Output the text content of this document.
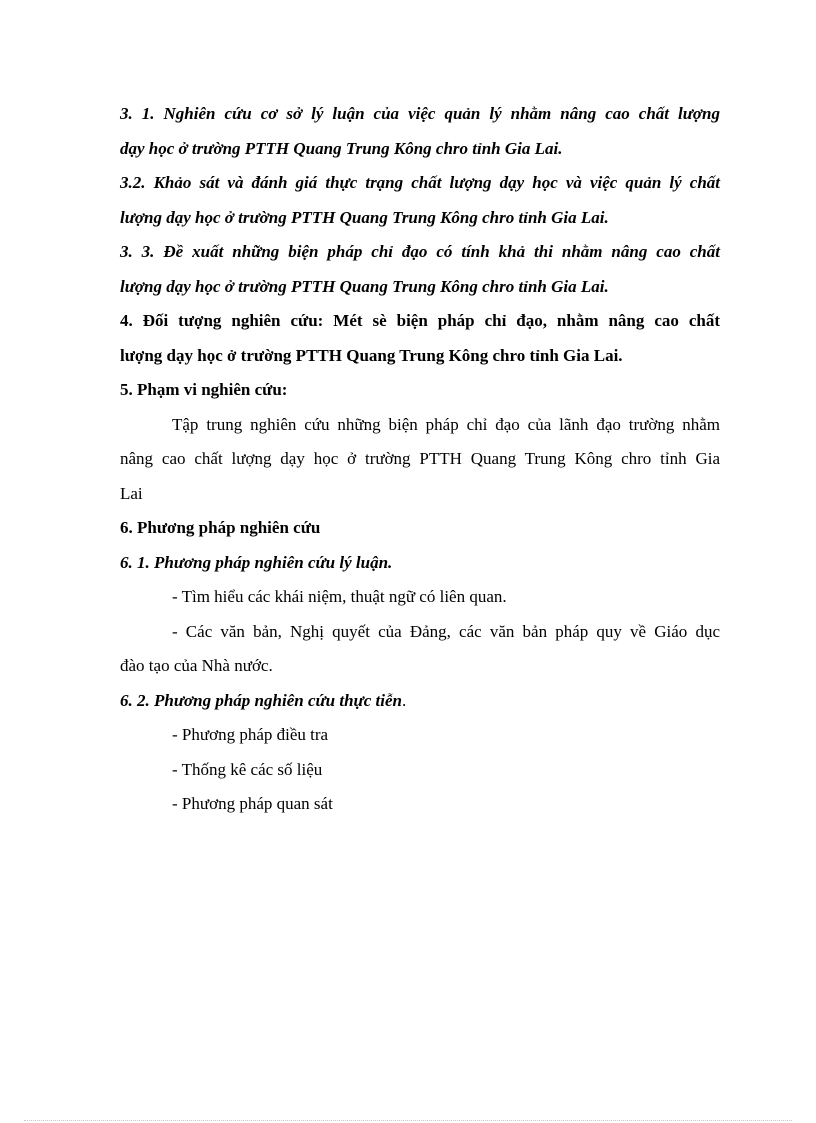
3. 1. Nghiên cứu cơ sở lý luận của việc quản lý nhằm nâng cao chất lượng

dạy học ở trường PTTH Quang Trung Kông chro tỉnh Gia Lai.

3.2. Khảo sát và đánh giá thực trạng chất lượng dạy học và việc quản lý chất

lượng dạy học ở trường PTTH Quang Trung Kông chro tỉnh Gia Lai.

3. 3. Đề xuất những biện pháp chỉ đạo có tính khả thi nhằm nâng cao chất

lượng dạy học ở trường PTTH Quang Trung Kông chro tỉnh Gia Lai.

4. Đối tượng nghiên cứu: Mét sè biện pháp chỉ đạo, nhằm nâng cao chất

lượng dạy học ở trường PTTH Quang Trung Kông chro tỉnh Gia Lai.

5. Phạm vi nghiên cứu:

Tập trung nghiên cứu những biện pháp chỉ đạo của lãnh đạo trường nhằm

nâng cao chất lượng dạy học ở trường PTTH Quang Trung Kông chro tỉnh Gia

Lai

6. Phương pháp nghiên cứu

6. 1. Phương pháp nghiên cứu lý luận.

- Tìm hiểu các khái niệm, thuật ngữ có liên quan.

- Các văn bản, Nghị quyết của Đảng, các văn bản pháp quy về Giáo dục

đào tạo của Nhà nước.

6. 2. Phương pháp nghiên cứu thực tiễn.

- Phương pháp điều tra

- Thống kê các số liệu

- Phương pháp quan sát
